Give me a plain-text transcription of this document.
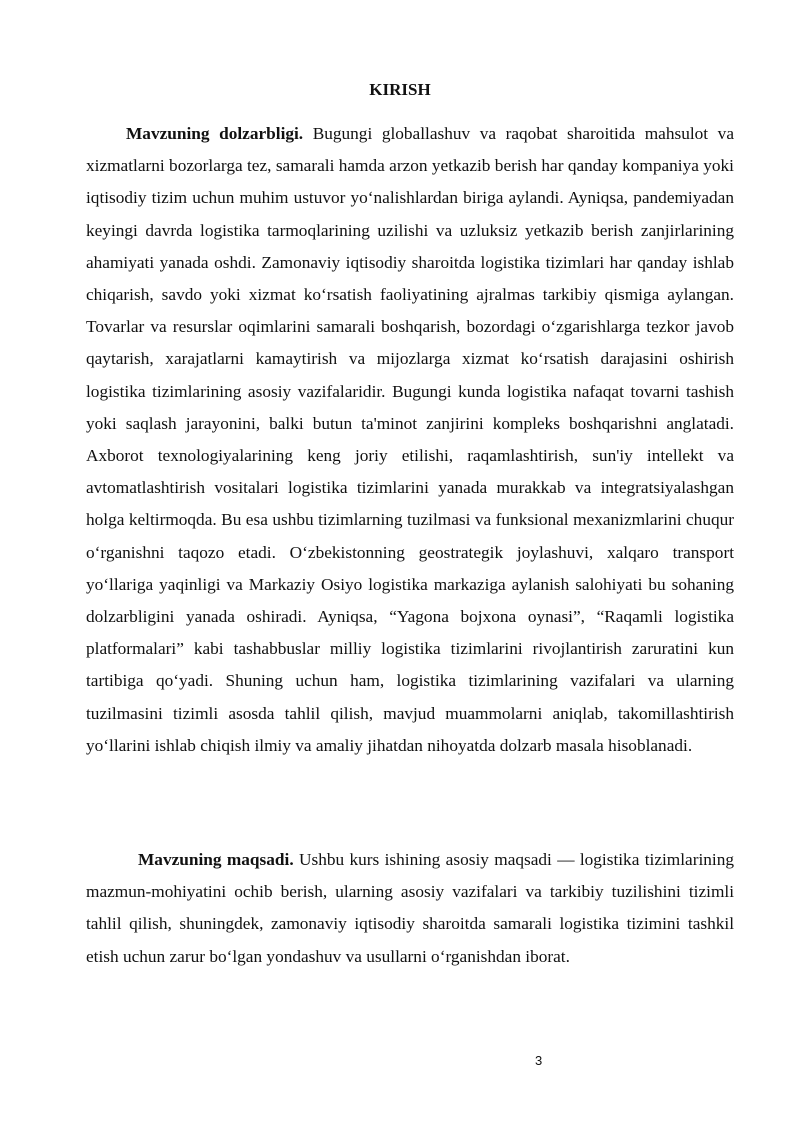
KIRISH

Mavzuning dolzarbligi. Bugungi globallashuv va raqobat sharoitida mahsulot va xizmatlarni bozorlarga tez, samarali hamda arzon yetkazib berish har qanday kompaniya yoki iqtisodiy tizim uchun muhim ustuvor yo‘nalishlardan biriga aylandi. Ayniqsa, pandemiyadan keyingi davrda logistika tarmoqlarining uzilishi va uzluksiz yetkazib berish zanjirlarining ahamiyati yanada oshdi. Zamonaviy iqtisodiy sharoitda logistika tizimlari har qanday ishlab chiqarish, savdo yoki xizmat ko‘rsatish faoliyatining ajralmas tarkibiy qismiga aylangan. Tovarlar va resurslar oqimlarini samarali boshqarish, bozordagi o‘zgarishlarga tezkor javob qaytarish, xarajatlarni kamaytirish va mijozlarga xizmat ko‘rsatish darajasini oshirish logistika tizimlarining asosiy vazifalaridir. Bugungi kunda logistika nafaqat tovarni tashish yoki saqlash jarayonini, balki butun ta'minot zanjirini kompleks boshqarishni anglatadi. Axborot texnologiyalarining keng joriy etilishi, raqamlashtirish, sun'iy intellekt va avtomatlashtirish vositalari logistika tizimlarini yanada murakkab va integratsiyalashgan holga keltirmoqda. Bu esa ushbu tizimlarning tuzilmasi va funksional mexanizmlarini chuqur o‘rganishni taqozo etadi. O‘zbekistonning geostrategik joylashuvi, xalqaro transport yo‘llariga yaqinligi va Markaziy Osiyo logistika markaziga aylanish salohiyati bu sohaning dolzarbligini yanada oshiradi. Ayniqsa, “Yagona bojxona oynasi”, “Raqamli logistika platformalari” kabi tashabbuslar milliy logistika tizimlarini rivojlantirish zaruratini kun tartibiga qo‘yadi. Shuning uchun ham, logistika tizimlarining vazifalari va ularning tuzilmasini tizimli asosda tahlil qilish, mavjud muammolarni aniqlab, takomillashtirish yo‘llarini ishlab chiqish ilmiy va amaliy jihatdan nihoyatda dolzarb masala hisoblanadi.

Mavzuning maqsadi. Ushbu kurs ishining asosiy maqsadi — logistika tizimlarining mazmun-mohiyatini ochib berish, ularning asosiy vazifalari va tarkibiy tuzilishini tizimli tahlil qilish, shuningdek, zamonaviy iqtisodiy sharoitda samarali logistika tizimini tashkil etish uchun zarur bo‘lgan yondashuv va usullarni o‘rganishdan iborat.

3
